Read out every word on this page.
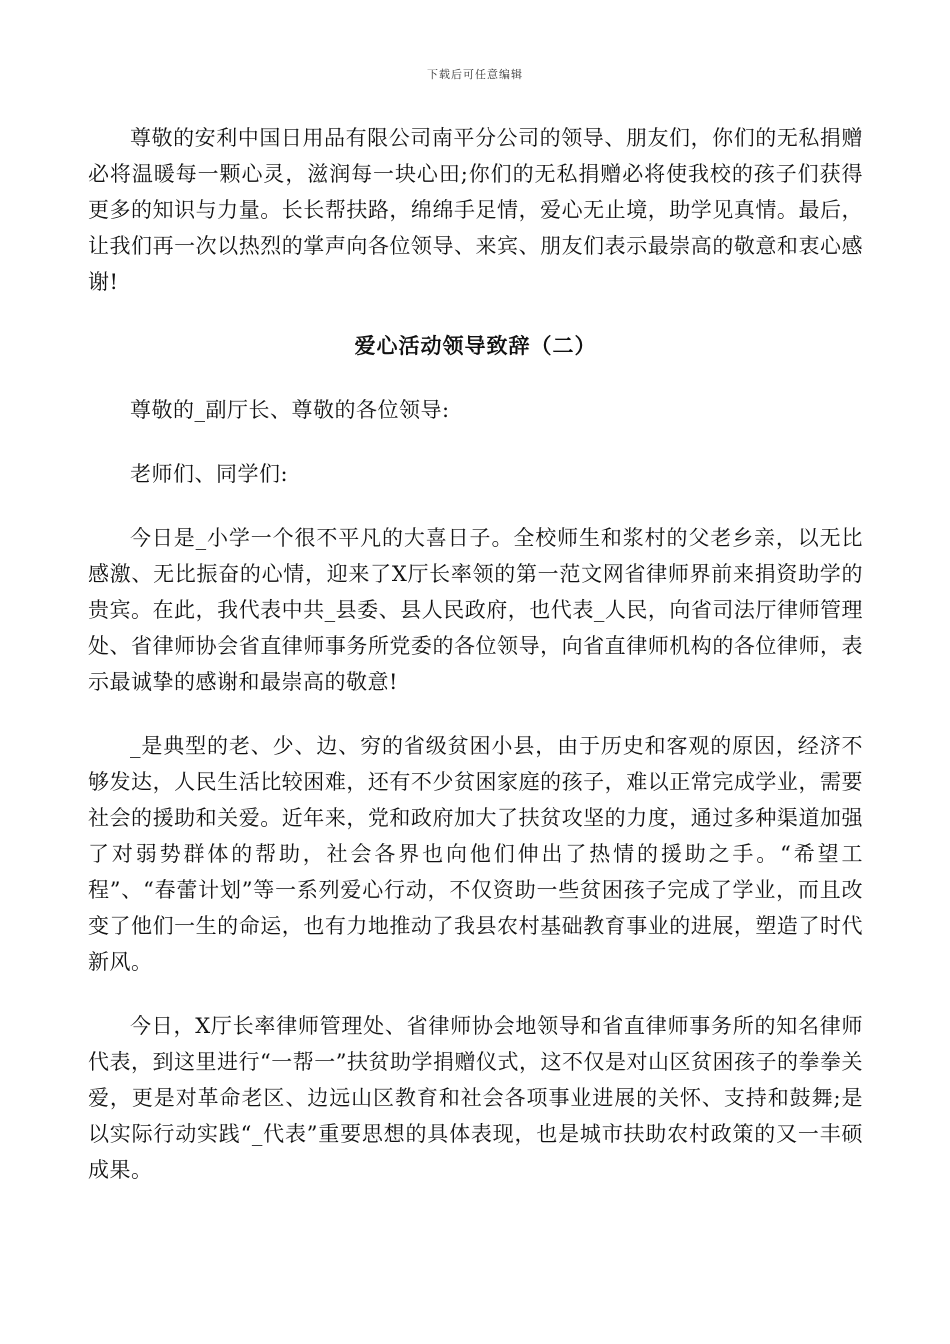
下载后可任意编辑

尊敬的安利中国日用品有限公司南平分公司的领导、朋友们，你们的无私捐赠必将温暖每一颗心灵，滋润每一块心田;你们的无私捐赠必将使我校的孩子们获得更多的知识与力量。长长帮扶路，绵绵手足情，爱心无止境，助学见真情。最后，让我们再一次以热烈的掌声向各位领导、来宾、朋友们表示最崇高的敬意和衷心感谢!

爱心活动领导致辞（二）

尊敬的_副厅长、尊敬的各位领导:

老师们、同学们:

今日是_小学一个很不平凡的大喜日子。全校师生和浆村的父老乡亲，以无比感激、无比振奋的心情，迎来了X厅长率领的第一范文网省律师界前来捐资助学的贵宾。在此，我代表中共_县委、县人民政府，也代表_人民，向省司法厅律师管理处、省律师协会省直律师事务所党委的各位领导，向省直律师机构的各位律师，表示最诚挚的感谢和最崇高的敬意!

_是典型的老、少、边、穷的省级贫困小县，由于历史和客观的原因，经济不够发达，人民生活比较困难，还有不少贫困家庭的孩子，难以正常完成学业，需要社会的援助和关爱。近年来，党和政府加大了扶贫攻坚的力度，通过多种渠道加强了对弱势群体的帮助，社会各界也向他们伸出了热情的援助之手。“希望工程”、“春蕾计划”等一系列爱心行动，不仅资助一些贫困孩子完成了学业，而且改变了他们一生的命运，也有力地推动了我县农村基础教育事业的进展，塑造了时代新风。

今日，X厅长率律师管理处、省律师协会地领导和省直律师事务所的知名律师代表，到这里进行“一帮一”扶贫助学捐赠仪式，这不仅是对山区贫困孩子的拳拳关爱，更是对革命老区、边远山区教育和社会各项事业进展的关怀、支持和鼓舞;是以实际行动实践“_代表”重要思想的具体表现，也是城市扶助农村政策的又一丰硕成果。
